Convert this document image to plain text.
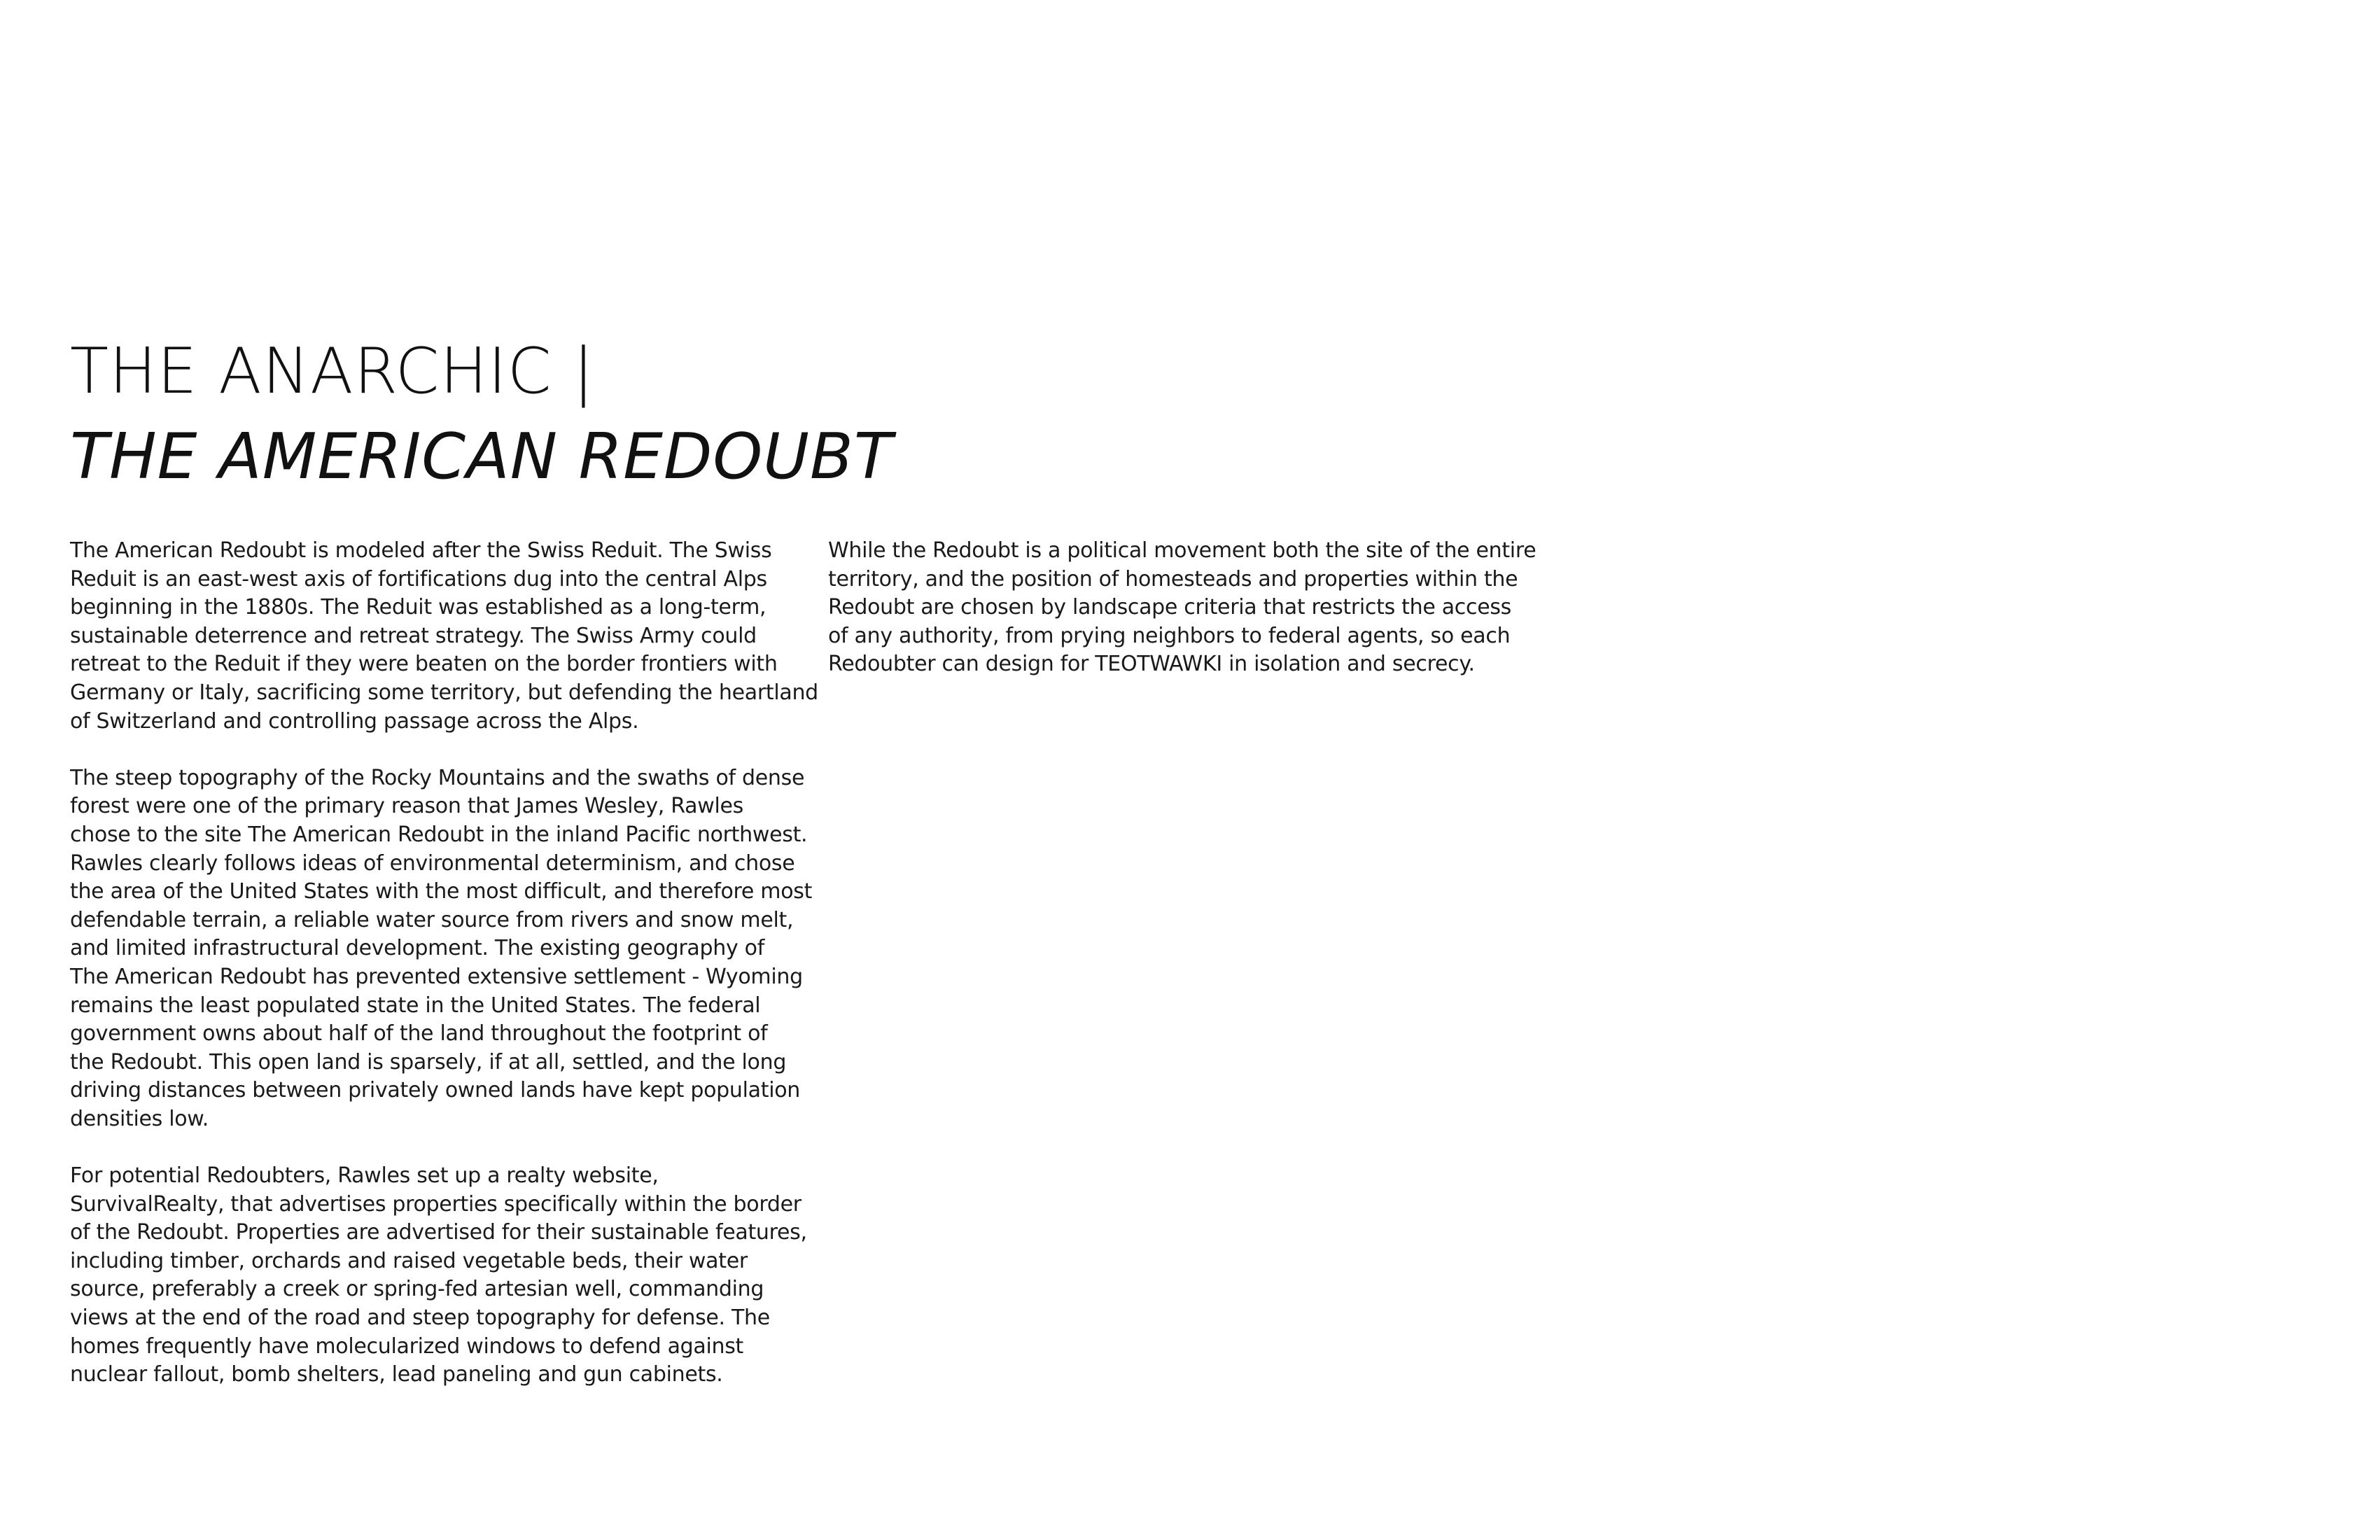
THE ANARCHIC |
THE AMERICAN REDOUBT

The American Redoubt is modeled after the Swiss Reduit. The Swiss
Reduit is an east-west axis of fortifications dug into the central Alps
beginning in the 1880s. The Reduit was established as a long-term,
sustainable deterrence and retreat strategy. The Swiss Army could
retreat to the Reduit if they were beaten on the border frontiers with
Germany or Italy, sacrificing some territory, but defending the heartland
of Switzerland and controlling passage across the Alps.

The steep topography of the Rocky Mountains and the swaths of dense
forest were one of the primary reason that James Wesley, Rawles
chose to the site The American Redoubt in the inland Pacific northwest.
Rawles clearly follows ideas of environmental determinism, and chose
the area of the United States with the most difficult, and therefore most
defendable terrain, a reliable water source from rivers and snow melt,
and limited infrastructural development. The existing geography of
The American Redoubt has prevented extensive settlement - Wyoming
remains the least populated state in the United States. The federal
government owns about half of the land throughout the footprint of
the Redoubt. This open land is sparsely, if at all, settled, and the long
driving distances between privately owned lands have kept population
densities low.

For potential Redoubters, Rawles set up a realty website,
SurvivalRealty, that advertises properties specifically within the border
of the Redoubt. Properties are advertised for their sustainable features,
including timber, orchards and raised vegetable beds, their water
source, preferably a creek or spring-fed artesian well, commanding
views at the end of the road and steep topography for defense. The
homes frequently have molecularized windows to defend against
nuclear fallout, bomb shelters, lead paneling and gun cabinets.

While the Redoubt is a political movement both the site of the entire
territory, and the position of homesteads and properties within the
Redoubt are chosen by landscape criteria that restricts the access
of any authority, from prying neighbors to federal agents, so each
Redoubter can design for TEOTWAWKI in isolation and secrecy.
